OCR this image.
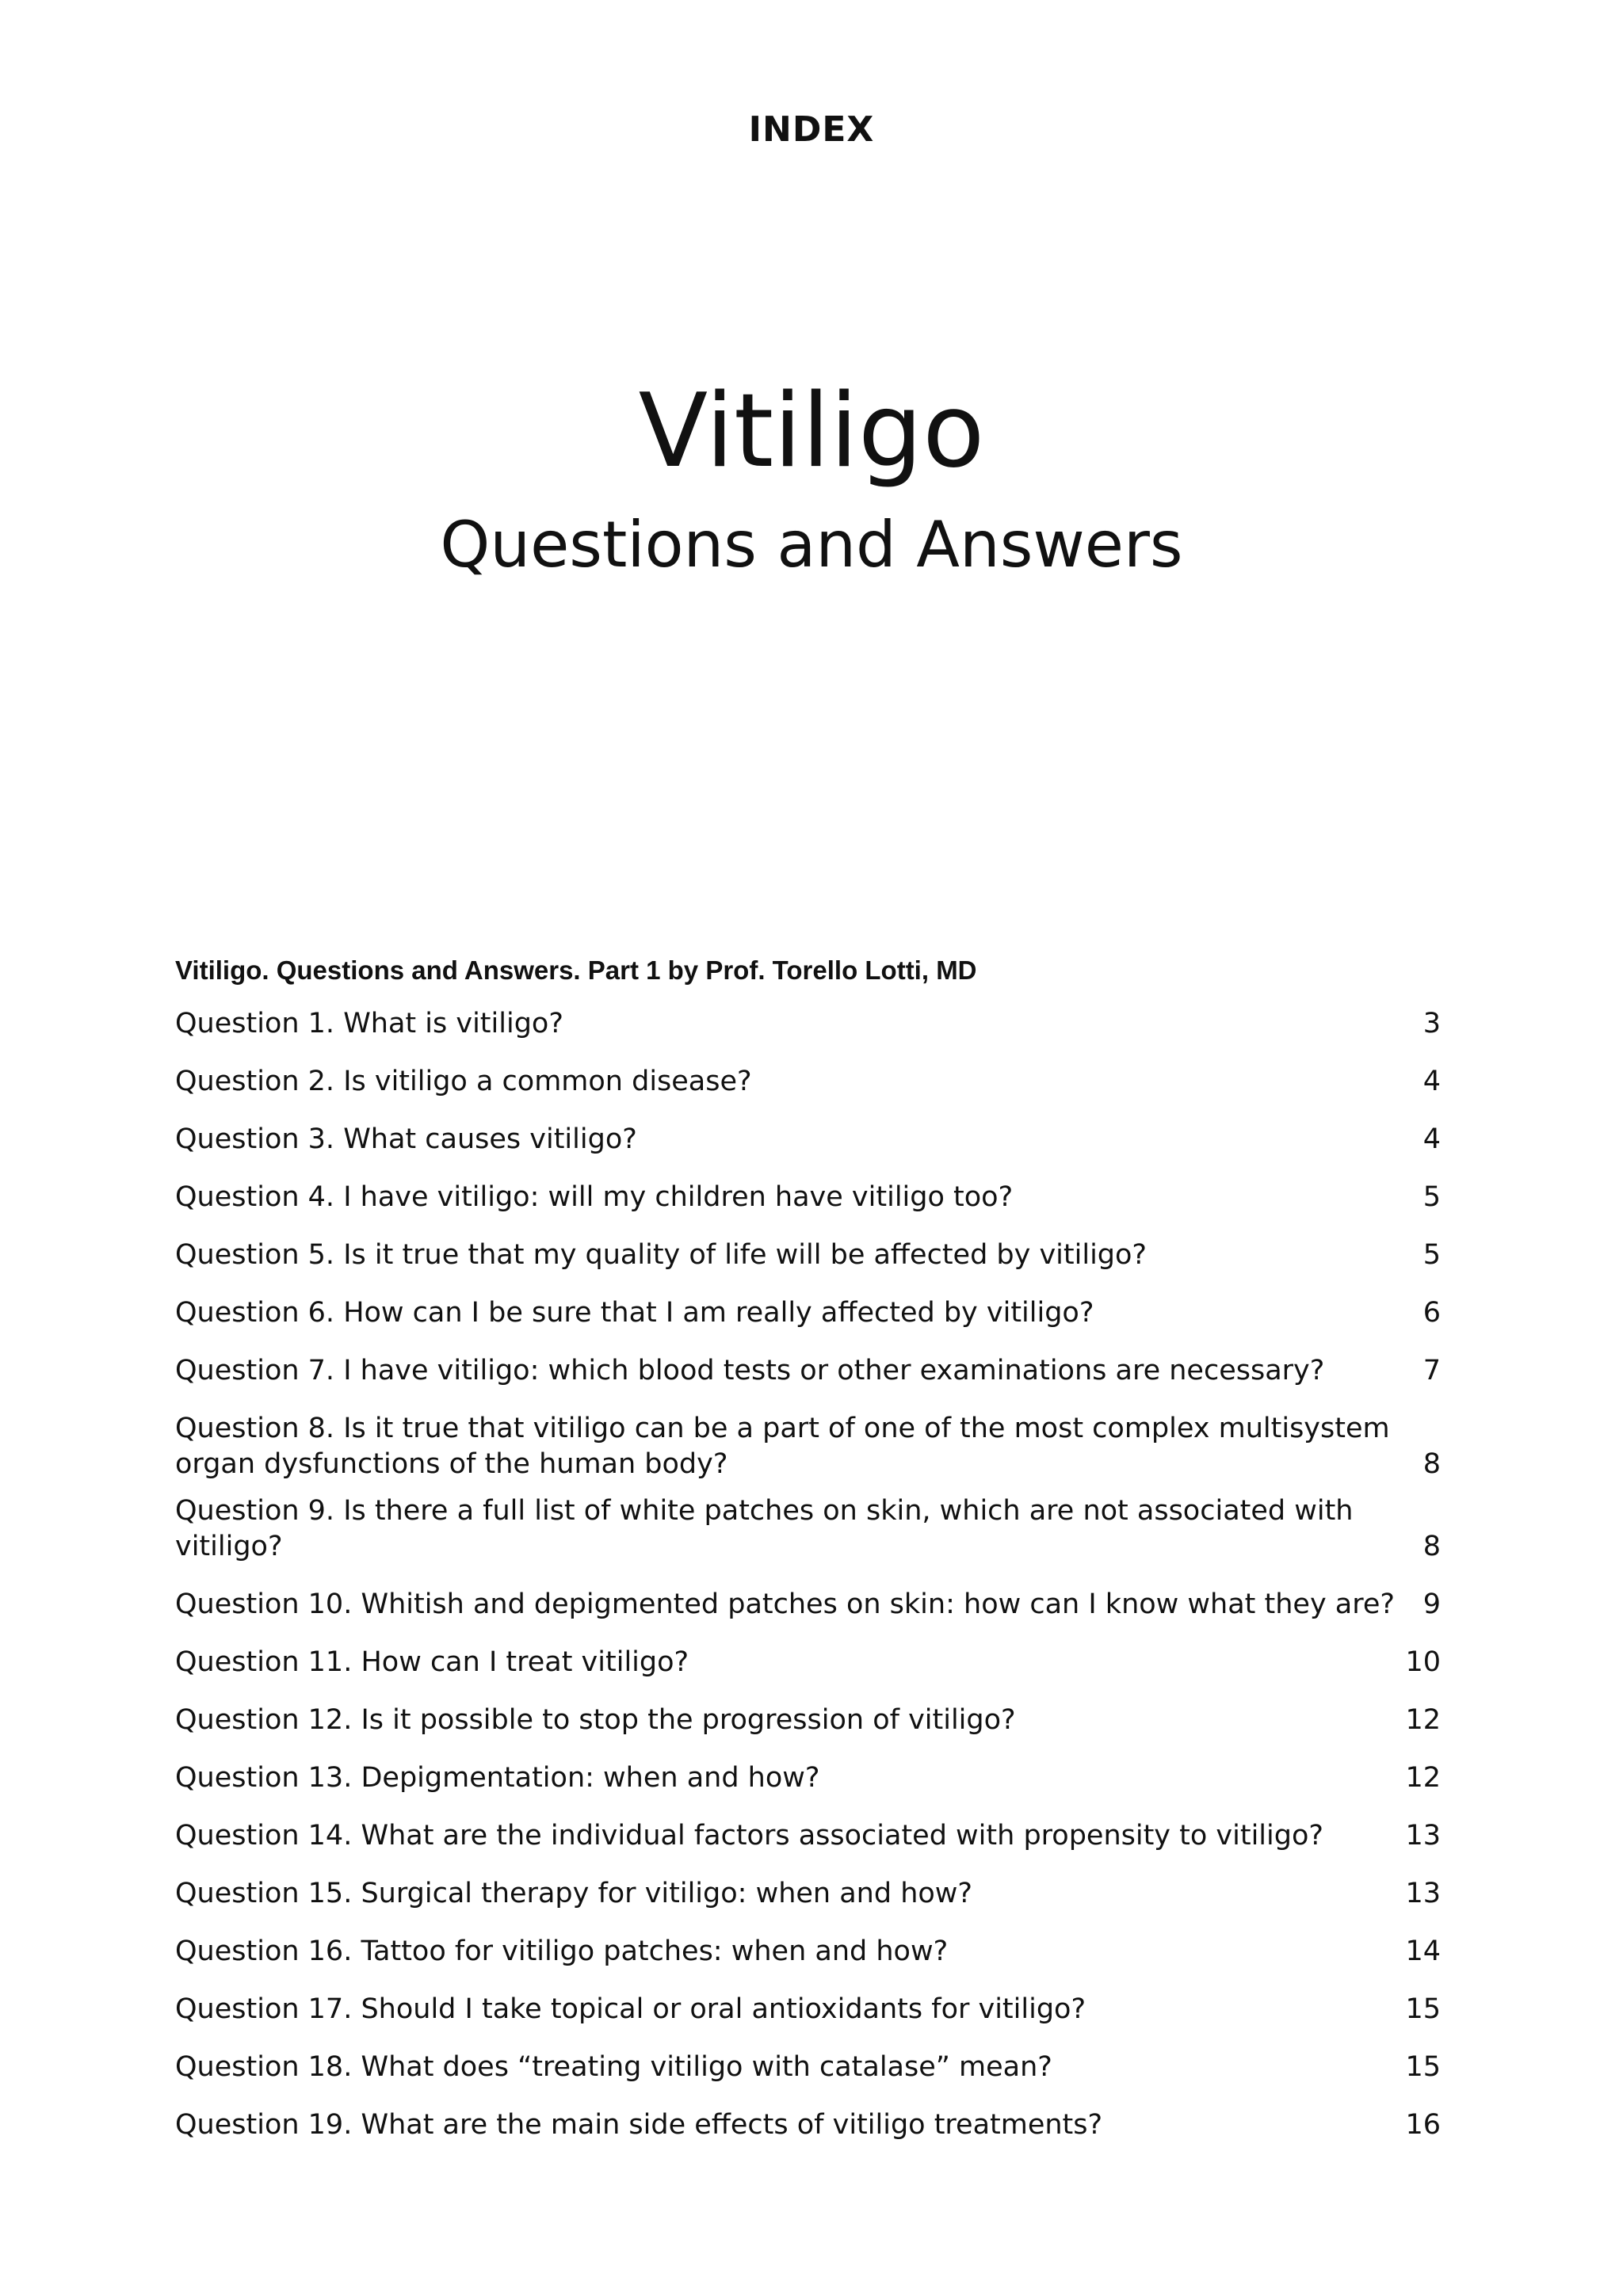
INDEX
Vitiligo
Questions and Answers
Vitiligo. Questions and Answers. Part 1 by Prof. Torello Lotti, MD
Question 1. What is vitiligo?	3
Question 2. Is vitiligo a common disease?	4
Question 3. What causes vitiligo?	4
Question 4. I have vitiligo: will my children have vitiligo too?	5
Question 5. Is it true that my quality of life will be affected by vitiligo?	5
Question 6. How can I be sure that I am really affected by vitiligo?	6
Question 7. I have vitiligo: which blood tests or other examinations are necessary?	7
Question 8. Is it true that vitiligo can be a part of one of the most complex multisystem organ dysfunctions of the human body?	8
Question 9. Is there a full list of white patches on skin, which are not associated with vitiligo?	8
Question 10. Whitish and depigmented patches on skin: how can I know what they are?	9
Question 11. How can I treat vitiligo?	10
Question 12. Is it possible to stop the progression of vitiligo?	12
Question 13. Depigmentation: when and how?	12
Question 14. What are the individual factors associated with propensity to vitiligo?	13
Question 15. Surgical therapy for vitiligo: when and how?	13
Question 16. Tattoo for vitiligo patches: when and how?	14
Question 17. Should I take topical or oral antioxidants for vitiligo?	15
Question 18. What does “treating vitiligo with catalase” mean?	15
Question 19. What are the main side effects of vitiligo treatments?	16
